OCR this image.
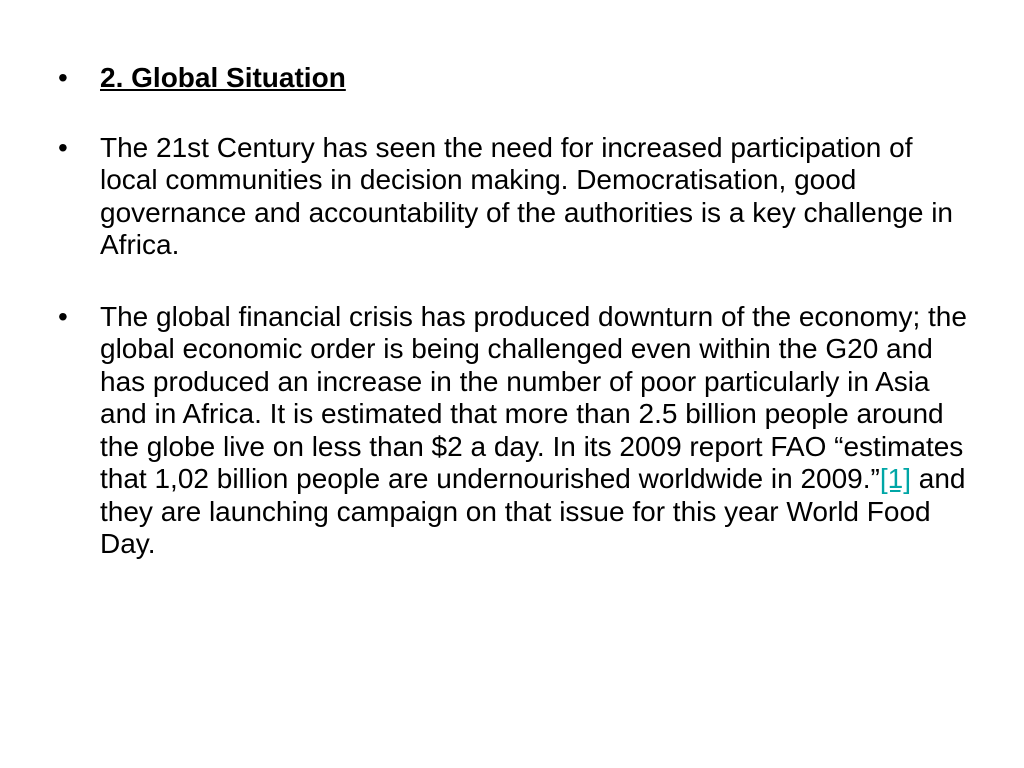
• 2. Global Situation
• The 21st Century has seen the need for increased participation of local communities in decision making. Democratisation, good governance and accountability of the authorities is a key challenge in Africa.
• The global financial crisis has produced downturn of the economy; the global economic order is being challenged even within the G20 and has produced an increase in the number of poor particularly in Asia and in Africa. It is estimated that more than 2.5 billion people around the globe live on less than $2 a day. In its 2009 report FAO “estimates that 1,02 billion people are undernourished worldwide in 2009.”[1] and they are launching campaign on that issue for this year World Food Day.
